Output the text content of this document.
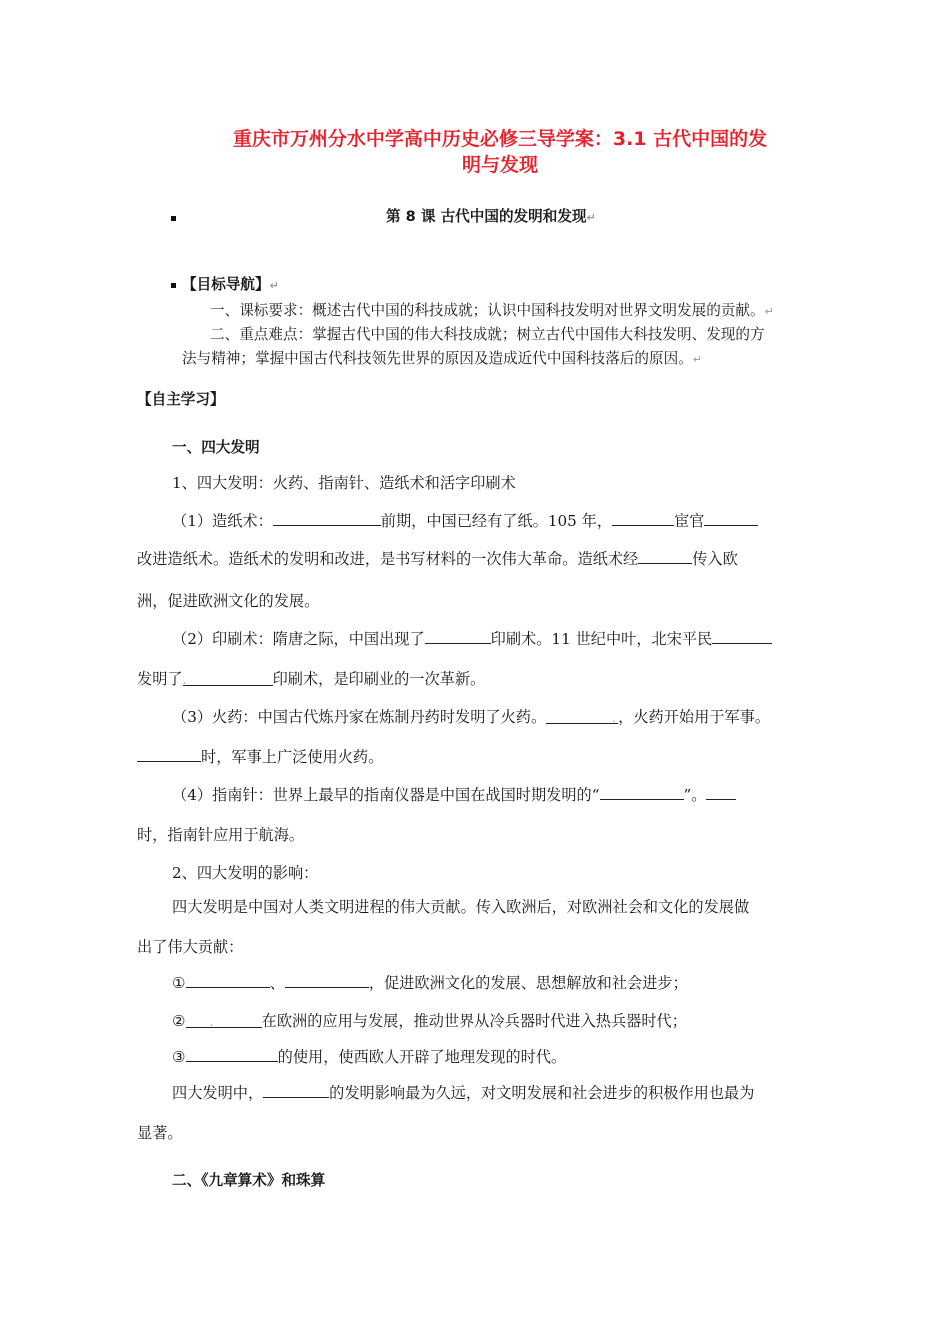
重庆市万州分水中学高中历史必修三导学案：3.1 古代中国的发
明与发现
第 8 课 古代中国的发明和发现↵
【目标导航】↵
一、课标要求：概述古代中国的科技成就；认识中国科技发明对世界文明发展的贡献。↵
二、重点难点：掌握古代中国的伟大科技成就；树立古代中国伟大科技发明、发现的方
法与精神；掌握中国古代科技领先世界的原因及造成近代中国科技落后的原因。↵
【自主学习】
一、四大发明
1、四大发明：火药、指南针、造纸术和活字印刷术
（1）造纸术：	前期，中国已经有了纸。105 年，	宦官
改进造纸术。造纸术的发明和改进，是书写材料的一次伟大革命。造纸术经	传入欧
洲，促进欧洲文化的发展。
（2）印刷术：隋唐之际，中国出现了	印刷术。11 世纪中叶，北宋平民
发明了.	印刷术，是印刷业的一次革新。
（3）火药：中国古代炼丹家在炼制丹药时发明了火药。	. ，火药开始用于军事。
时，军事上广泛使用火药。
（4）指南针：世界上最早的指南仪器是中国在战国时期发明的“	”。
时，指南针应用于航海。
2、四大发明的影响：
四大发明是中国对人类文明进程的伟大贡献。传入欧洲后，对欧洲社会和文化的发展做
出了伟大贡献：
①	、	，促进欧洲文化的发展、思想解放和社会进步；
② .	在欧洲的应用与发展，推动世界从冷兵器时代进入热兵器时代；
③	的使用，使西欧人开辟了地理发现的时代。
四大发明中，	的发明影响最为久远，对文明发展和社会进步的积极作用也最为
显著。
二、《九章算术》和珠算
